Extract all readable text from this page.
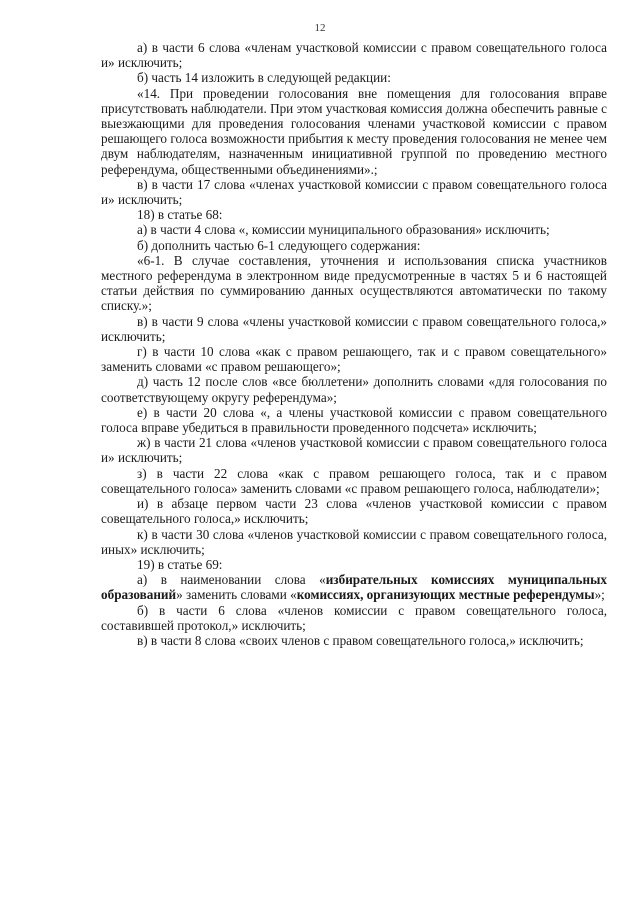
12

а) в части 6 слова «членам участковой комиссии с правом совещательного голоса и» исключить;

б) часть 14 изложить в следующей редакции:

«14. При проведении голосования вне помещения для голосования вправе присутствовать наблюдатели. При этом участковая комиссия должна обеспечить равные с выезжающими для проведения голосования членами участковой комиссии с правом решающего голоса возможности прибытия к месту проведения голосования не менее чем двум наблюдателям, назначенным инициативной группой по проведению местного референдума, общественными объединениями».;

в) в части 17 слова «членах участковой комиссии с правом совещательного голоса и» исключить;

18) в статье 68:

а) в части 4 слова «, комиссии муниципального образования» исключить;

б) дополнить частью 6-1 следующего содержания:

«6-1. В случае составления, уточнения и использования списка участников местного референдума в электронном виде предусмотренные в частях 5 и 6 настоящей статьи действия по суммированию данных осуществляются автоматически по такому списку.»;

в) в части 9 слова «члены участковой комиссии с правом совещательного голоса,» исключить;

г) в части 10 слова «как с правом решающего, так и с правом совещательного» заменить словами «с правом решающего»;

д) часть 12 после слов «все бюллетени» дополнить словами «для голосования по соответствующему округу референдума»;

е) в части 20 слова «, а члены участковой комиссии с правом совещательного голоса вправе убедиться в правильности проведенного подсчета» исключить;

ж) в части 21 слова «членов участковой комиссии с правом совещательного голоса и» исключить;

з) в части 22 слова «как с правом решающего голоса, так и с правом совещательного голоса» заменить словами «с правом решающего голоса, наблюдатели»;

и) в абзаце первом части 23 слова «членов участковой комиссии с правом совещательного голоса,» исключить;

к) в части 30 слова «членов участковой комиссии с правом совещательного голоса, иных» исключить;

19) в статье 69:

а) в наименовании слова «избирательных комиссиях муниципальных образований» заменить словами «комиссиях, организующих местные референдумы»;

б) в части 6 слова «членов комиссии с правом совещательного голоса, составившей протокол,» исключить;

в) в части 8 слова «своих членов с правом совещательного голоса,» исключить;
